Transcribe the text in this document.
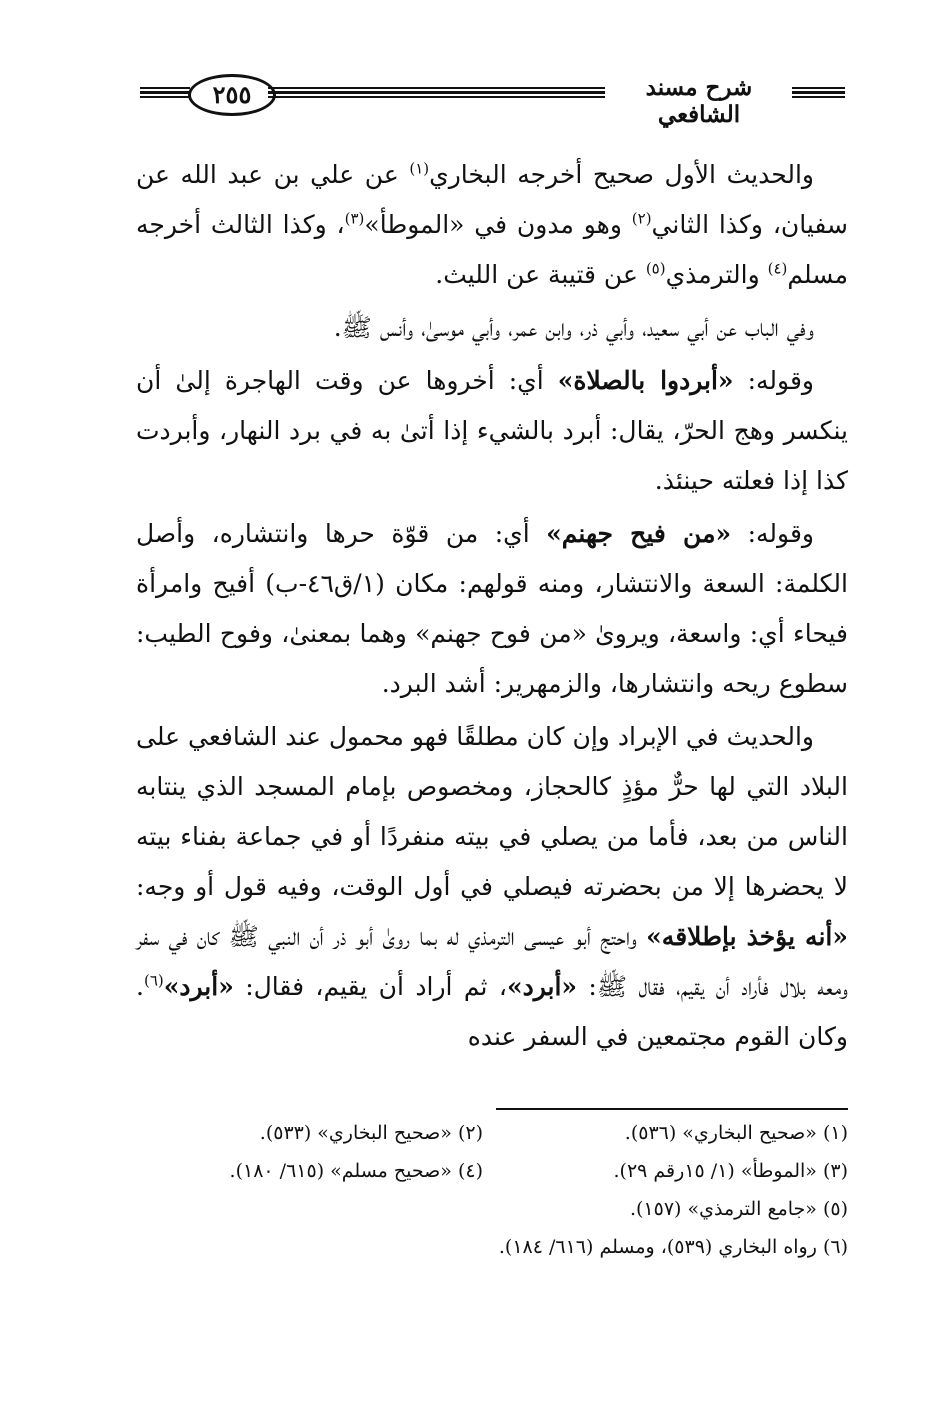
٢٥٥	شرح مسند الشافعي

والحديث الأول صحيح أخرجه البخاري$^{(١)}$ عن علي بن عبد الله عن سفيان، وكذا الثاني$^{(٢)}$ وهو مدون في «الموطأ»$^{(٣)}$، وكذا الثالث أخرجه مسلم$^{(٤)}$ والترمذي$^{(٥)}$ عن قتيبة عن الليث.

وفي الباب عن أبي سعيد، وأبي ذر، وابن عمر، وأبي موسىٰ، وأنس ﷺ.

وقوله: «أبردوا بالصلاة» أي: أخروها عن وقت الهاجرة إلىٰ أن ينكسر وهج الحرّ، يقال: أبرد بالشيء إذا أتىٰ به في برد النهار، وأبردت كذا إذا فعلته حينئذ.

وقوله: «من فيح جهنم» أي: من قوّة حرها وانتشاره، وأصل الكلمة: السعة والانتشار، ومنه قولهم: مكان (١/ق٤٦-ب) أفيح وامرأة فيحاء أي: واسعة، ويروىٰ «من فوح جهنم» وهما بمعنىٰ، وفوح الطيب: سطوع ريحه وانتشارها، والزمهرير: أشد البرد.

والحديث في الإبراد وإن كان مطلقًا فهو محمول عند الشافعي على البلاد التي لها حرٌّ مؤذٍ كالحجاز، ومخصوص بإمام المسجد الذي ينتابه الناس من بعد، فأما من يصلي في بيته منفردًا أو في جماعة بفناء بيته لا يحضرها إلا من بحضرته فيصلي في أول الوقت، وفيه قول أو وجه: «أنه يؤخذ بإطلاقه» واحتج أبو عيسى الترمذي له بما روىٰ أبو ذر أن النبي ﷺ كان في سفر ومعه بلال فأراد أن يقيم، فقال ﷺ: «أبرد»، ثم أراد أن يقيم، فقال: «أبرد»$^{(٦)}$. وكان القوم مجتمعين في السفر عنده

(١) «صحيح البخاري» (٥٣٦).
(٢) «صحيح البخاري» (٥٣٣).
(٣) «الموطأ» (١/ ١٥رقم ٢٩).
(٤) «صحيح مسلم» (٦١٥/ ١٨٠).
(٥) «جامع الترمذي» (١٥٧).
(٦) رواه البخاري (٥٣٩)، ومسلم (٦١٦/ ١٨٤).
